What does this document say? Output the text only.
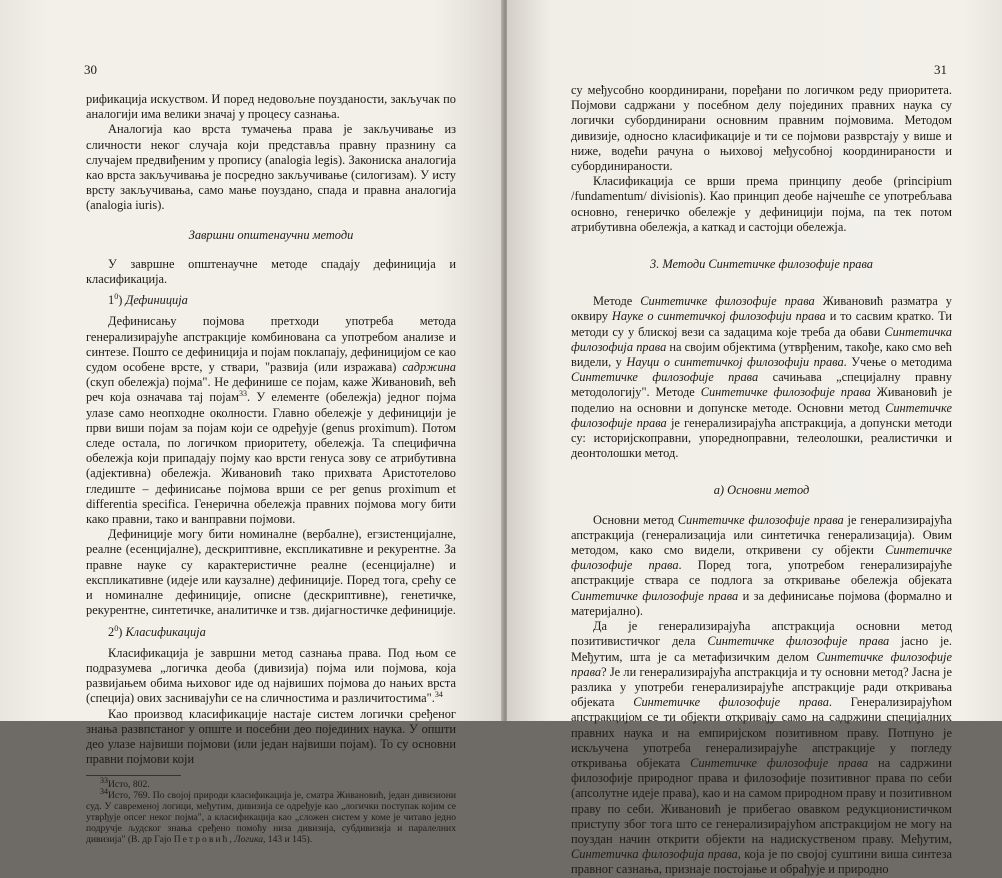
30

рификација искуством. И поред недовољне поузданости, закључак по аналогији има велики значај у процесу сазнања.

Аналогија као врста тумачења права је закључивање из сличности неког случаја који представља правну празнину са случајем предвиђеним у пропису (analogia legis). Закониска аналогија као врста закључивања је посредно закључивање (силогизам). У исту врсту закључивања, само мање поуздано, спада и правна аналогија (analogia iuris).

Завршни општенаучни методи

У завршне општенаучне методе спадају дефиниција и класификација.

$1^0$) Дефиниција

Дефинисању појмова претходи употреба метода генерализирајуће апстракције комбинована са употребом анализе и синтезе. Пошто се дефиниција и појам поклапају, дефиницијом се као судом особене врсте, у ствари, "развија (или изражава) садржина (скуп обележја) појма". Не дефинише се појам, каже Живановић, већ реч која означава тај појам$^{33}$. У елементе (обележја) једног појма улазе само неопходне околности. Главно обележје у дефиницији је први виши појам за појам који се одређује (genus proximum). Потом следе остала, по логичком приоритету, обележја. Та специфична обележја који припадају појму као врсти генуса зову се атрибутивна (адјективна) обележја. Живановић тако прихвата Аристотелово гледиште – дефинисање појмова врши се per genus proximum et differentia specifica. Генерична обележја правних појмова могу бити како правни, тако и ванправни појмови.

Дефиниције могу бити номиналне (вербалне), егзистенцијалне, реалне (есенцијалне), дескриптивне, експликативне и рекурентне. За правне науке су карактеристичне реалне (есенцијалне) и експликативне (идеје или каузалне) дефиниције. Поред тога, срећу се и номиналне дефиниције, описне (дескриптивне), генетичке, рекурентне, синтетичке, аналитичке и тзв. дијагностичке дефиниције.

$2^0$) Класификација

Класификација је завршни метод сазнања права. Под њом се подразумева „логичка деоба (дивизија) појма или појмова, која развијањем обима њиховог иде од највиших појмова до нањих врста (специја) овиx заснивајући се на сличностима и различитостима".$^{34}$

Као производ класификације настаје систем логички сређеног знања развпстаног у опште и посебни део појединих наука. У општи део улазе највиши појмови (или један највиши појам). То су основни правни појмови који

$^{33}$Исто, 802.

$^{34}$Исто, 769. По својој природи класификација је, сматра Живановић, један дивизиони суд. У савременој логици, међутим, дивизија се одређује као „логички поступак којим се утврђује опсег неког појма", а класификација као „сложен систем у коме је читаво једно подручје људског знања сређено помоћу низа дивизија, субдивизија и паралелних дивизија" (В. др Гајо Петровић, Логика, 143 и 145).

31

су међусобно координирани, поређани по логичком реду приоритета. Појмови садржани у посебном делу појединих правних наука су логички субординирани основним правним појмовима. Методом дивизије, односно класификације и ти се појмови разврстају у више и ниже, водећи рачуна о њиховој међусобној координираности и субординираности.

Класификација се врши према принципу деобе (principium /fundamentum/ divisionis). Као принцип деобе најчешће се употребљава основно, генеричко обележје у дефиницији појма, па тек потом атрибутивна обележја, а каткад и састојци обележја.

3. Методи Синтетичке филозофије права

Методе Синтетичке филозофије права Живановић разматра у оквиру Науке о синтетичкој филозофији права и то сасвим кратко. Ти методи су у блиској вези са задацима које треба да обави Синтетичка филозофија права на својим објектима (утврђеним, такође, како смо већ видели, у Науци о синтетичкој филозофији права. Учење о методима Синтетичке филозофије права сачињава „специјалну правну методологију". Методе Синтетичке филозофије права Живановић је поделио на основни и допунске методе. Основни метод Синтетичке филозофије права је генерализирајућа апстракција, а допунски методи су: историјскоправни, упоредноправни, телеолошки, реалистички и деонтолошки метод.

а) Основни метод

Основни метод Синтетичке филозофије права је генерализирајућа апстракција (генерализација или синтетичка генерализација). Овим методом, како смо видели, откривени су објекти Синтетичке филозофије права. Поред тога, употребом генерализирајуће апстракције ствара се подлога за откривање обележја објеката Синтетичке филозофије права и за дефинисање појмова (формално и материјално).

Да је генерализирајућа апстракција основни метод позитивистичког дела Синтетичке филозофије права јасно је. Међутим, шта је са метафизичким делом Синтетичке филозофије права? Је ли генерализирајућа апстракција и ту основни метод? Јасна је разлика у употреби генерализирајуће апстракције ради откривања објеката Синтетичке филозофије права. Генерализирајућом апстракцијом се ти објекти откривају само на садржини специјалних правних наука и на емпиријском позитивном праву. Потпуно је искључена употреба генерализирајуће апстракције у погледу откривања објеката Синтетичке филозофије права на садржини филозофије природног права и филозофије позитивног права по себи (апсолутне идеје права), као и на самом природном праву и позитивном праву по себи. Живановић је прибегао овавком редукционистичком приступу због тога што се генерализирајућом апстракцијом не могу на поуздан начин открити објекти на надискуственом праву. Међутим, Синтетичка филозофија права, која је по својој суштини виша синтеза правног сазнања, признаје постојање и обрађује и природно
